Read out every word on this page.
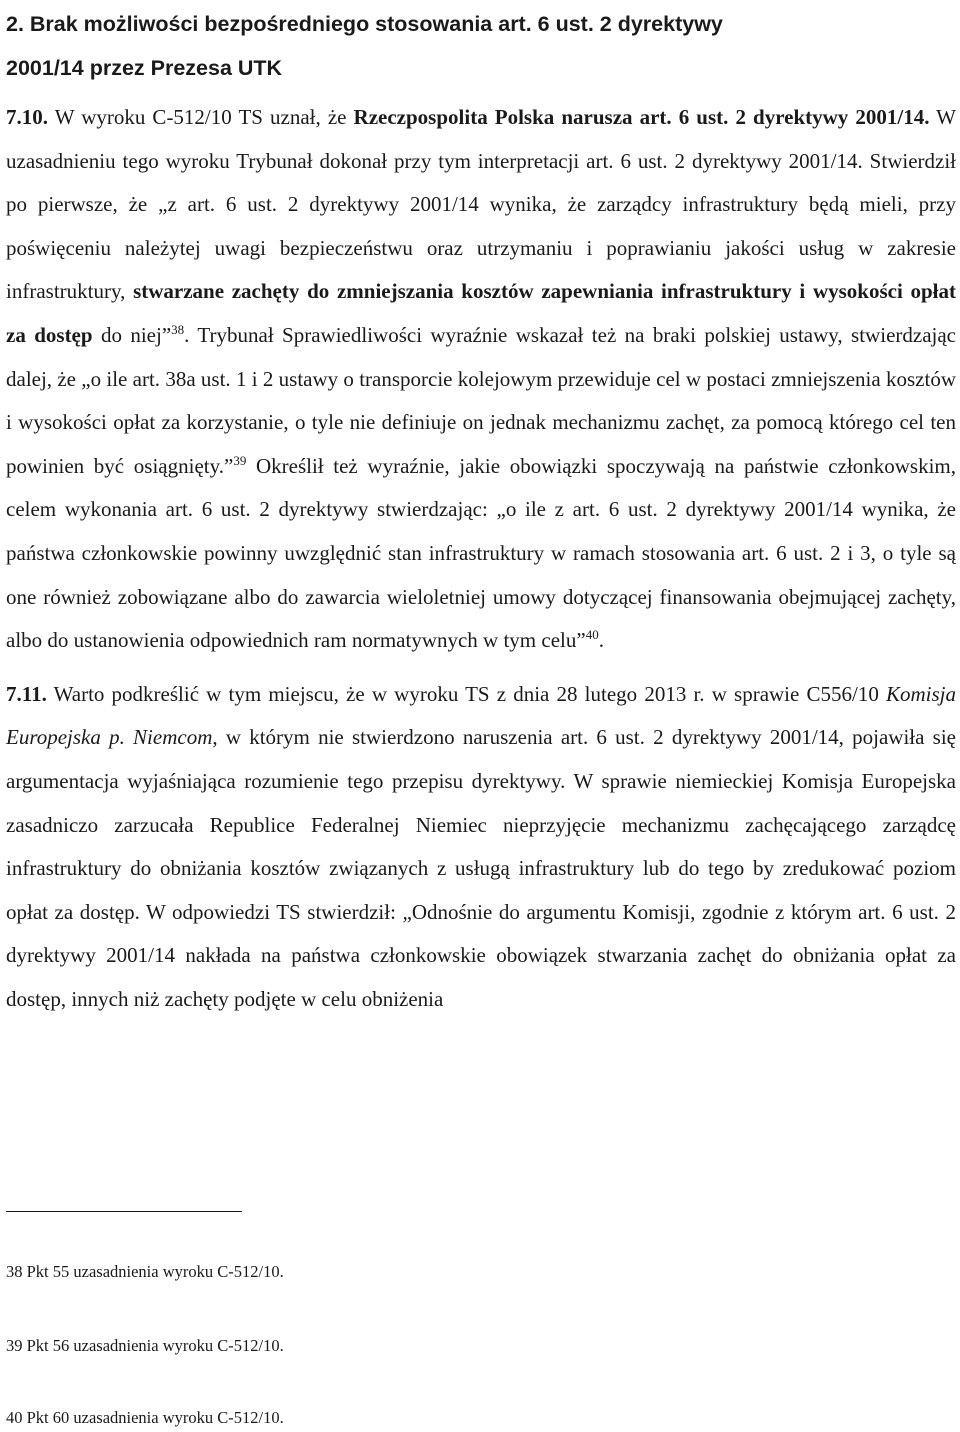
2. Brak możliwości bezpośredniego stosowania art. 6 ust. 2 dyrektywy 2001/14 przez Prezesa UTK

7.10. W wyroku C-512/10 TS uznał, że Rzeczpospolita Polska narusza art. 6 ust. 2 dyrektywy 2001/14. W uzasadnieniu tego wyroku Trybunał dokonał przy tym interpretacji art. 6 ust. 2 dyrektywy 2001/14. Stwierdził po pierwsze, że „z art. 6 ust. 2 dyrektywy 2001/14 wynika, że zarządcy infrastruktury będą mieli, przy poświęceniu należytej uwagi bezpieczeństwu oraz utrzymaniu i poprawianiu jakości usług w zakresie infrastruktury, stwarzane zachęty do zmniejszania kosztów zapewniania infrastruktury i wysokości opłat za dostęp do niej”$^{38}$. Trybunał Sprawiedliwości wyraźnie wskazał też na braki polskiej ustawy, stwierdzając dalej, że „o ile art. 38a ust. 1 i 2 ustawy o transporcie kolejowym przewiduje cel w postaci zmniejszenia kosztów i wysokości opłat za korzystanie, o tyle nie definiuje on jednak mechanizmu zachęt, za pomocą którego cel ten powinien być osiągnięty.”$^{39}$ Określił też wyraźnie, jakie obowiązki spoczywają na państwie członkowskim, celem wykonania art. 6 ust. 2 dyrektywy stwierdzając: „o ile z art. 6 ust. 2 dyrektywy 2001/14 wynika, że państwa członkowskie powinny uwzględnić stan infrastruktury w ramach stosowania art. 6 ust. 2 i 3, o tyle są one również zobowiązane albo do zawarcia wieloletniej umowy dotyczącej finansowania obejmującej zachęty, albo do ustanowienia odpowiednich ram normatywnych w tym celu”$^{40}$.

7.11. Warto podkreślić w tym miejscu, że w wyroku TS z dnia 28 lutego 2013 r. w sprawie C556/10 Komisja Europejska p. Niemcom, w którym nie stwierdzono naruszenia art. 6 ust. 2 dyrektywy 2001/14, pojawiła się argumentacja wyjaśniająca rozumienie tego przepisu dyrektywy. W sprawie niemieckiej Komisja Europejska zasadniczo zarzucała Republice Federalnej Niemiec nieprzyjęcie mechanizmu zachęcającego zarządcę infrastruktury do obniżania kosztów związanych z usługą infrastruktury lub do tego by zredukować poziom opłat za dostęp. W odpowiedzi TS stwierdził: „Odnośnie do argumentu Komisji, zgodnie z którym art. 6 ust. 2 dyrektywy 2001/14 nakłada na państwa członkowskie obowiązek stwarzania zachęt do obniżania opłat za dostęp, innych niż zachęty podjęte w celu obniżenia

38 Pkt 55 uzasadnienia wyroku C-512/10.
39 Pkt 56 uzasadnienia wyroku C-512/10.
40 Pkt 60 uzasadnienia wyroku C-512/10.
